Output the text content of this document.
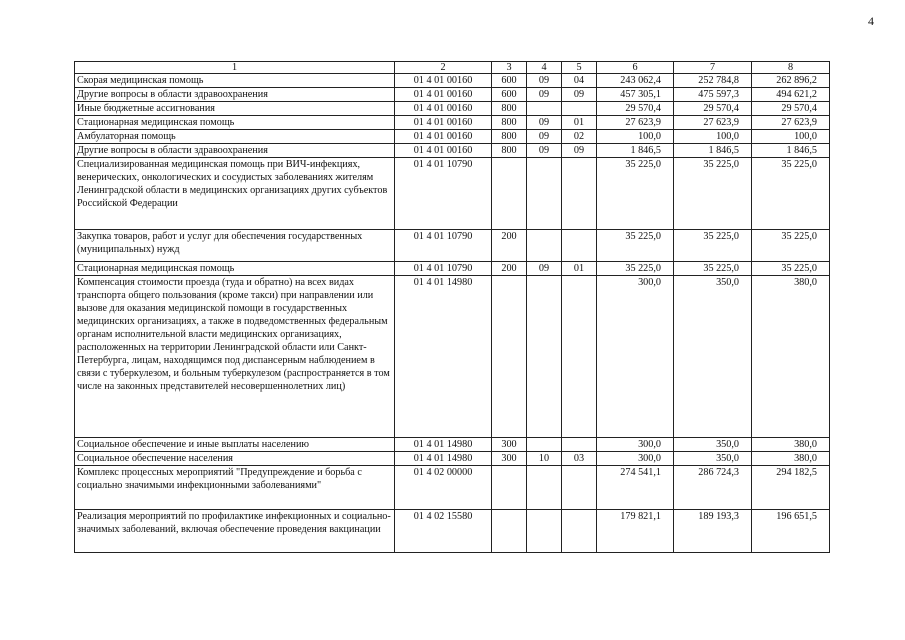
4
1	2	3	4	5	6	7	8
Скорая медицинская помощь	01 4 01 00160	600	09	04	243 062,4	252 784,8	262 896,2
Другие вопросы в области здравоохранения	01 4 01 00160	600	09	09	457 305,1	475 597,3	494 621,2
Иные бюджетные ассигнования	01 4 01 00160	800			29 570,4	29 570,4	29 570,4
Стационарная медицинская помощь	01 4 01 00160	800	09	01	27 623,9	27 623,9	27 623,9
Амбулаторная помощь	01 4 01 00160	800	09	02	100,0	100,0	100,0
Другие вопросы в области здравоохранения	01 4 01 00160	800	09	09	1 846,5	1 846,5	1 846,5
Специализированная медицинская помощь при ВИЧ-инфекциях, венерических, онкологических и сосудистых заболеваниях жителям Ленинградской области в медицинских организациях других субъектов Российской Федерации	01 4 01 10790				35 225,0	35 225,0	35 225,0
Закупка товаров, работ и услуг для обеспечения государственных (муниципальных) нужд	01 4 01 10790	200			35 225,0	35 225,0	35 225,0
Стационарная медицинская помощь	01 4 01 10790	200	09	01	35 225,0	35 225,0	35 225,0
Компенсация стоимости проезда (туда и обратно) на всех видах транспорта общего пользования (кроме такси) при направлении или вызове для оказания медицинской помощи в государственных медицинских организациях, а также в подведомственных федеральным органам исполнительной власти медицинских организациях, расположенных на территории Ленинградской области или Санкт-Петербурга, лицам, находящимся под диспансерным наблюдением в связи с туберкулезом, и больным туберкулезом (распространяется в том числе на законных представителей несовершеннолетних лиц)	01 4 01 14980				300,0	350,0	380,0
Социальное обеспечение и иные выплаты населению	01 4 01 14980	300			300,0	350,0	380,0
Социальное обеспечение населения	01 4 01 14980	300	10	03	300,0	350,0	380,0
Комплекс процессных мероприятий "Предупреждение и борьба с социально значимыми инфекционными заболеваниями"	01 4 02 00000				274 541,1	286 724,3	294 182,5
Реализация мероприятий по профилактике инфекционных и социально-значимых заболеваний, включая обеспечение проведения вакцинации	01 4 02 15580				179 821,1	189 193,3	196 651,5
